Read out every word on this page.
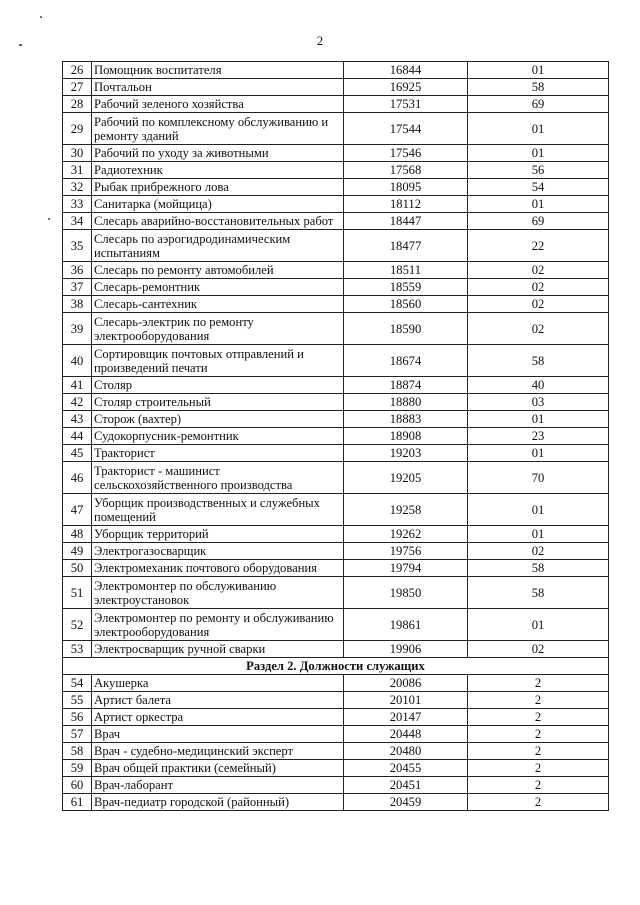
2
26	Помощник воспитателя	16844	01
27	Почтальон	16925	58
28	Рабочий зеленого хозяйства	17531	69
29	Рабочий по комплексному обслуживанию и ремонту зданий	17544	01
30	Рабочий по уходу за животными	17546	01
31	Радиотехник	17568	56
32	Рыбак прибрежного лова	18095	54
33	Санитарка (мойщица)	18112	01
34	Слесарь аварийно-восстановительных работ	18447	69
35	Слесарь по аэрогидродинамическим испытаниям	18477	22
36	Слесарь по ремонту автомобилей	18511	02
37	Слесарь-ремонтник	18559	02
38	Слесарь-сантехник	18560	02
39	Слесарь-электрик по ремонту электрооборудования	18590	02
40	Сортировщик почтовых отправлений и произведений печати	18674	58
41	Столяр	18874	40
42	Столяр строительный	18880	03
43	Сторож (вахтер)	18883	01
44	Судокорпусник-ремонтник	18908	23
45	Тракторист	19203	01
46	Тракторист - машинист сельскохозяйственного производства	19205	70
47	Уборщик производственных и служебных помещений	19258	01
48	Уборщик территорий	19262	01
49	Электрогазосварщик	19756	02
50	Электромеханик почтового оборудования	19794	58
51	Электромонтер по обслуживанию электроустановок	19850	58
52	Электромонтер по ремонту и обслуживанию электрооборудования	19861	01
53	Электросварщик ручной сварки	19906	02
Раздел 2. Должности служащих			
54	Акушерка	20086	2
55	Артист балета	20101	2
56	Артист оркестра	20147	2
57	Врач	20448	2
58	Врач - судебно-медицинский эксперт	20480	2
59	Врач общей практики (семейный)	20455	2
60	Врач-лаборант	20451	2
61	Врач-педиатр городской (районный)	20459	2
